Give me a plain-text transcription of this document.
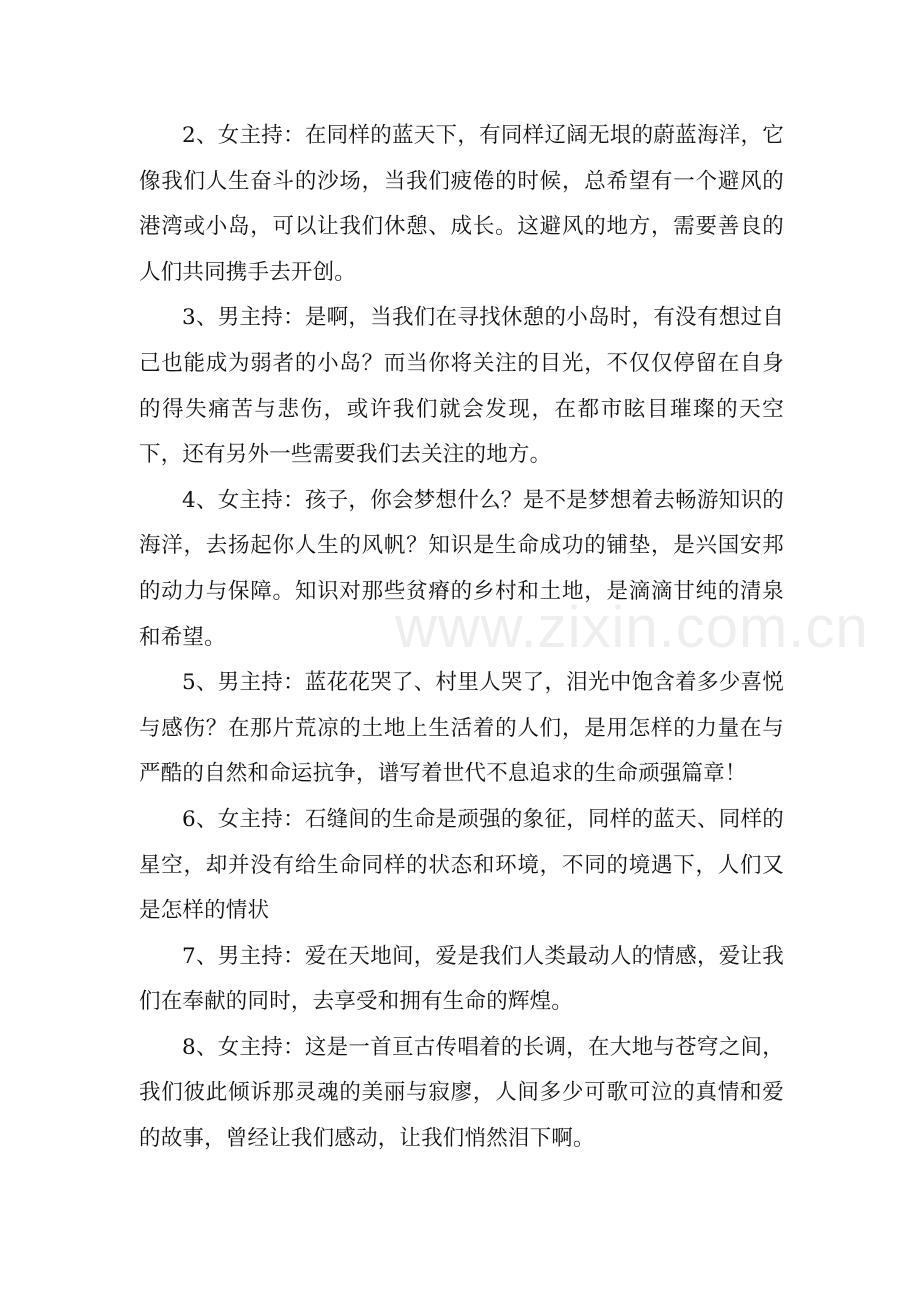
www.zixin.com.cn

2、女主持：在同样的蓝天下，有同样辽阔无垠的蔚蓝海洋，它像我们人生奋斗的沙场，当我们疲倦的时候，总希望有一个避风的港湾或小岛，可以让我们休憩、成长。这避风的地方，需要善良的人们共同携手去开创。

3、男主持：是啊，当我们在寻找休憩的小岛时，有没有想过自己也能成为弱者的小岛？而当你将关注的目光，不仅仅停留在自身的得失痛苦与悲伤，或许我们就会发现，在都市眩目璀璨的天空下，还有另外一些需要我们去关注的地方。

4、女主持：孩子，你会梦想什么？是不是梦想着去畅游知识的海洋，去扬起你人生的风帆？知识是生命成功的铺垫，是兴国安邦的动力与保障。知识对那些贫瘠的乡村和土地，是滴滴甘纯的清泉和希望。

5、男主持：蓝花花哭了、村里人哭了，泪光中饱含着多少喜悦与感伤？在那片荒凉的土地上生活着的人们，是用怎样的力量在与严酷的自然和命运抗争，谱写着世代不息追求的生命顽强篇章！

6、女主持：石缝间的生命是顽强的象征，同样的蓝天、同样的星空，却并没有给生命同样的状态和环境，不同的境遇下，人们又是怎样的情状

7、男主持：爱在天地间，爱是我们人类最动人的情感，爱让我们在奉献的同时，去享受和拥有生命的辉煌。

8、女主持：这是一首亘古传唱着的长调，在大地与苍穹之间，我们彼此倾诉那灵魂的美丽与寂廖，人间多少可歌可泣的真情和爱的故事，曾经让我们感动，让我们悄然泪下啊。
